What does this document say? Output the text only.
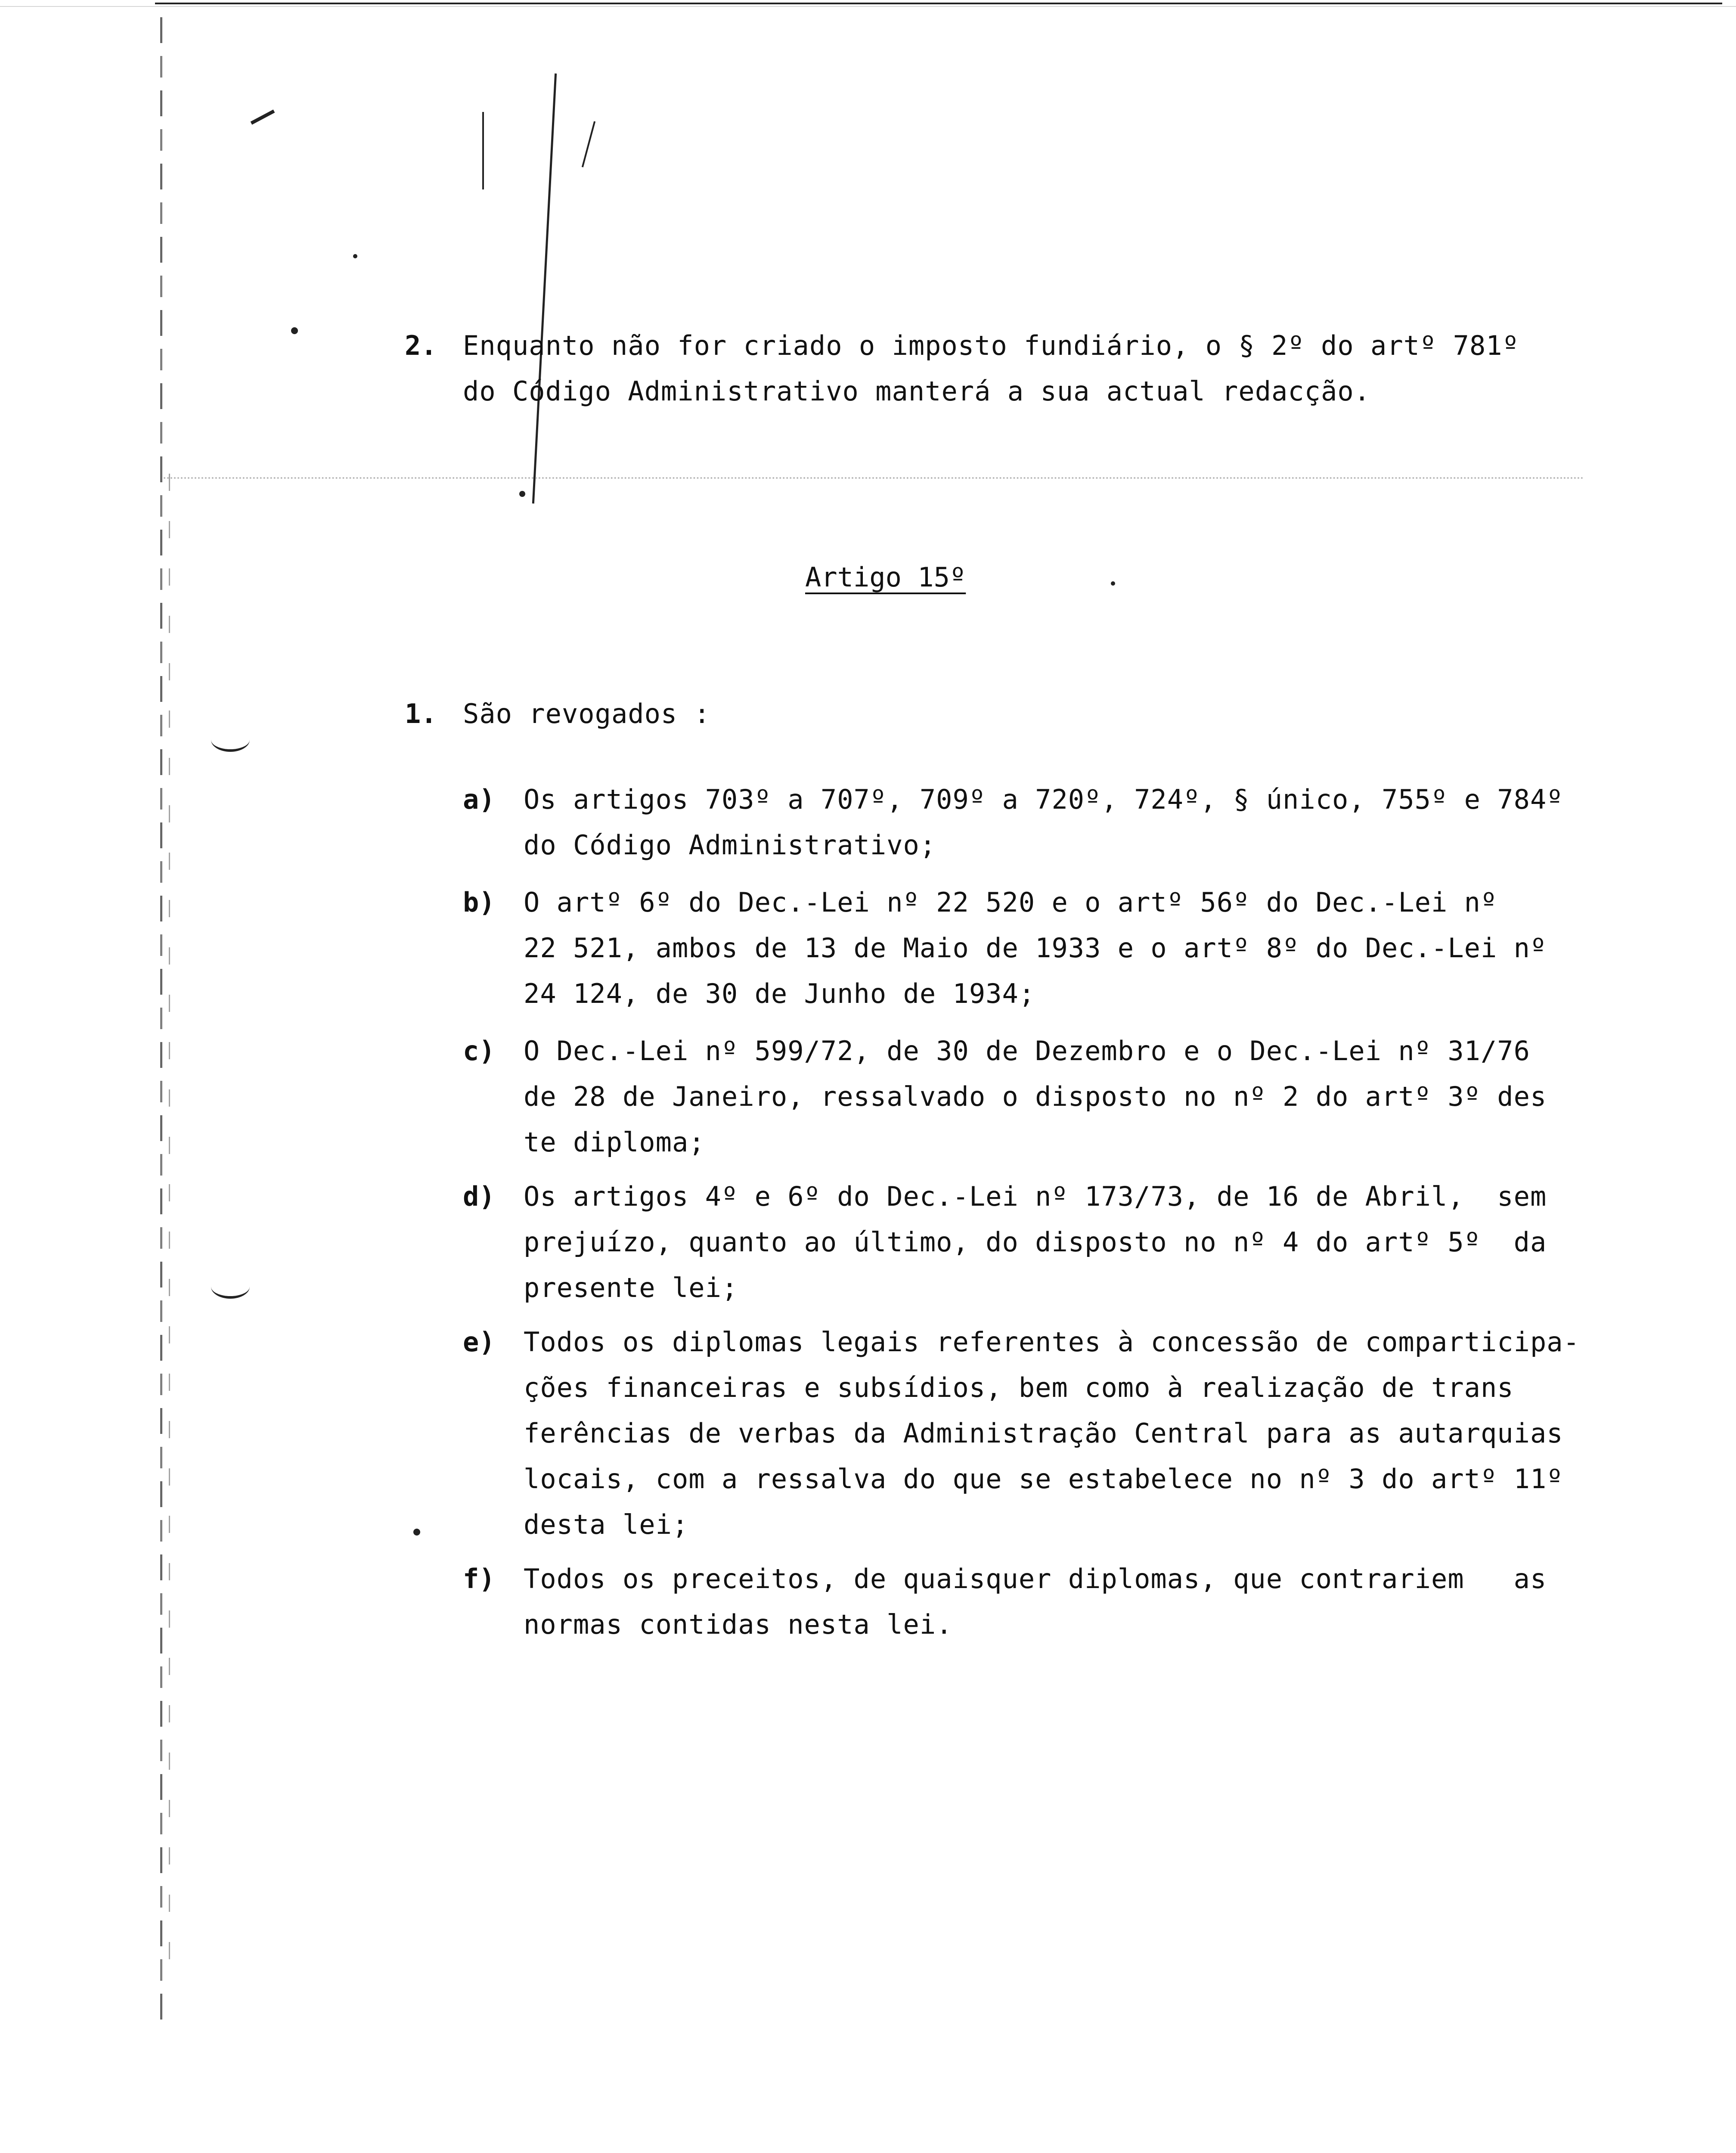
2. Enquanto não for criado o imposto fundiário, o § 2º do artº 781º
do Código Administrativo manterá a sua actual redacção.
Artigo 15º
1. São revogados :
a) Os artigos 703º a 707º, 709º a 720º, 724º, § único, 755º e 784º
do Código Administrativo;
b) O artº 6º do Dec.-Lei nº 22 520 e o artº 56º do Dec.-Lei nº
22 521, ambos de 13 de Maio de 1933 e o artº 8º do Dec.-Lei nº
24 124, de 30 de Junho de 1934;
c) O Dec.-Lei nº 599/72, de 30 de Dezembro e o Dec.-Lei nº 31/76
de 28 de Janeiro, ressalvado o disposto no nº 2 do artº 3º des
te diploma;
d) Os artigos 4º e 6º do Dec.-Lei nº 173/73, de 16 de Abril,  sem
prejuízo, quanto ao último, do disposto no nº 4 do artº 5º  da
presente lei;
e) Todos os diplomas legais referentes à concessão de comparticipa-
ções financeiras e subsídios, bem como à realização de trans
ferências de verbas da Administração Central para as autarquias
locais, com a ressalva do que se estabelece no nº 3 do artº 11º
desta lei;
f) Todos os preceitos, de quaisquer diplomas, que contrariem   as
normas contidas nesta lei.
